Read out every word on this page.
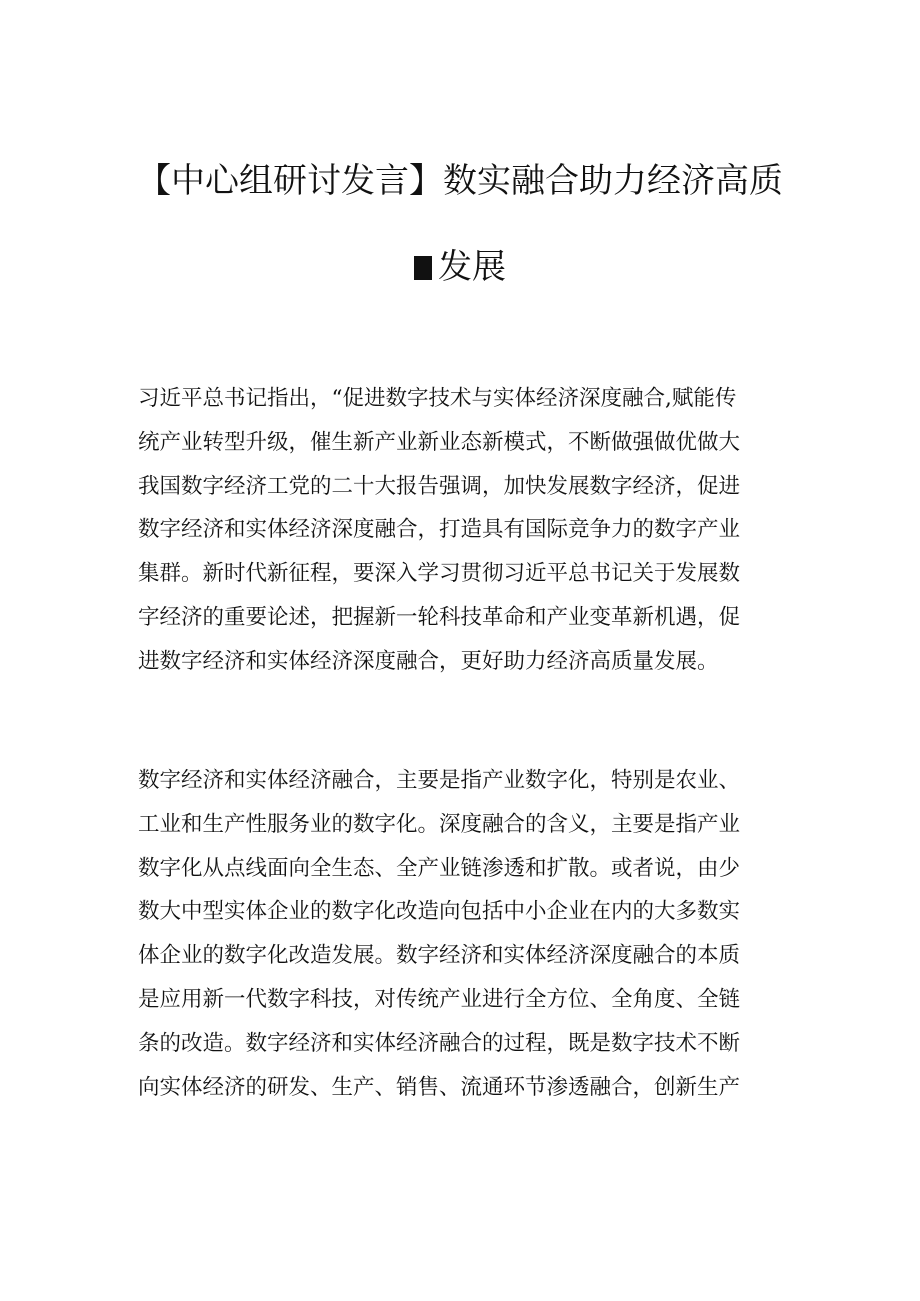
【中心组研讨发言】数实融合助力经济高质
发展
习近平总书记指出，“促进数字技术与实体经济深度融合,赋能传
统产业转型升级，催生新产业新业态新模式，不断做强做优做大
我国数字经济工党的二十大报告强调，加快发展数字经济，促进
数字经济和实体经济深度融合，打造具有国际竞争力的数字产业
集群。新时代新征程，要深入学习贯彻习近平总书记关于发展数
字经济的重要论述，把握新一轮科技革命和产业变革新机遇，促
进数字经济和实体经济深度融合，更好助力经济高质量发展。
数字经济和实体经济融合，主要是指产业数字化，特别是农业、
工业和生产性服务业的数字化。深度融合的含义，主要是指产业
数字化从点线面向全生态、全产业链渗透和扩散。或者说，由少
数大中型实体企业的数字化改造向包括中小企业在内的大多数实
体企业的数字化改造发展。数字经济和实体经济深度融合的本质
是应用新一代数字科技，对传统产业进行全方位、全角度、全链
条的改造。数字经济和实体经济融合的过程，既是数字技术不断
向实体经济的研发、生产、销售、流通环节渗透融合，创新生产
